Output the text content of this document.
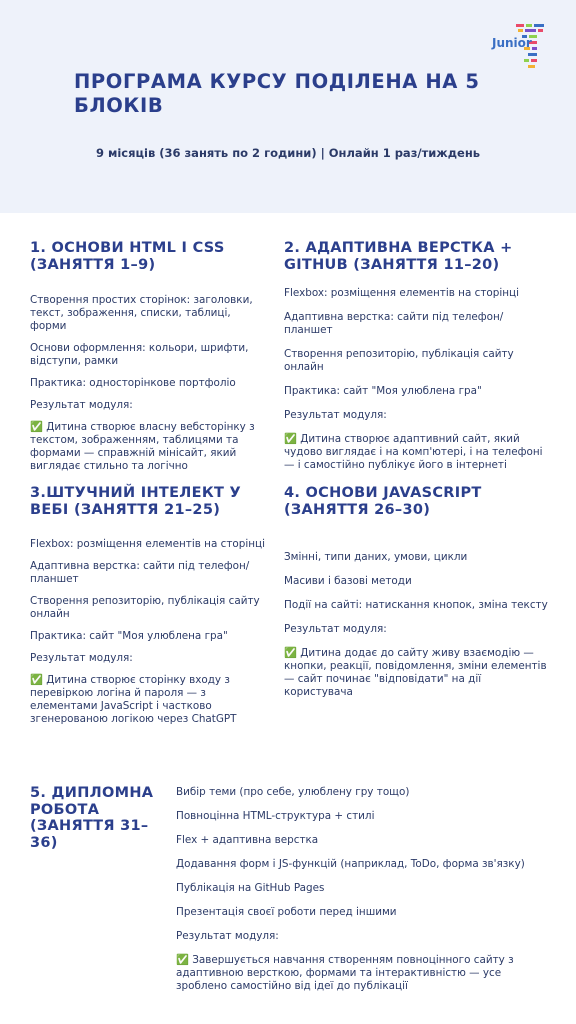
Junior
ПРОГРАМА КУРСУ ПОДІЛЕНА НА 5 БЛОКІВ
9 місяців (36 занять по 2 години) | Онлайн 1 раз/тиждень
1. ОСНОВИ HTML І CSS (ЗАНЯТТЯ 1–9)

Створення простих сторінок: заголовки, текст, зображення, списки, таблиці, форми

Основи оформлення: кольори, шрифти, відступи, рамки

Практика: односторінкове портфоліо

Результат модуля:

✅ Дитина створює власну вебсторінку з текстом, зображенням, таблицями та формами — справжній мінісайт, який виглядає стильно та логічно

2. АДАПТИВНА ВЕРСТКА + GITHUB (ЗАНЯТТЯ 11–20)

Flexbox: розміщення елементів на сторінці

Адаптивна верстка: сайти під телефон/планшет

Створення репозиторію, публікація сайту онлайн

Практика: сайт "Моя улюблена гра"

Результат модуля:

✅ Дитина створює адаптивний сайт, який чудово виглядає і на комп'ютері, і на телефоні — і самостійно публікує його в інтернеті

3.ШТУЧНИЙ ІНТЕЛЕКТ У ВЕБІ (ЗАНЯТТЯ 21–25)

Flexbox: розміщення елементів на сторінці

Адаптивна верстка: сайти під телефон/ планшет

Створення репозиторію, публікація сайту онлайн

Практика: сайт "Моя улюблена гра"

Результат модуля:

✅ Дитина створює сторінку входу з перевіркою логіна й пароля — з елементами JavaScript і частково згенерованою логікою через ChatGPT

4. ОСНОВИ JAVASCRIPT (ЗАНЯТТЯ 26–30)

Змінні, типи даних, умови, цикли

Масиви і базові методи

Події на сайті: натискання кнопок, зміна тексту

Результат модуля:

✅ Дитина додає до сайту живу взаємодію — кнопки, реакції, повідомлення, зміни елементів — сайт починає "відповідати" на дії користувача

5. ДИПЛОМНА РОБОТА (ЗАНЯТТЯ 31–36)

Вибір теми (про себе, улюблену гру тощо)

Повноцінна HTML-структура + стилі

Flex + адаптивна верстка

Додавання форм і JS-функцій (наприклад, ToDo, форма зв'язку)

Публікація на GitHub Pages

Презентація своєї роботи перед іншими

Результат модуля:

✅ Завершується навчання створенням повноцінного сайту з адаптивною версткою, формами та інтерактивністю — усе зроблено самостійно від ідеї до публікації
